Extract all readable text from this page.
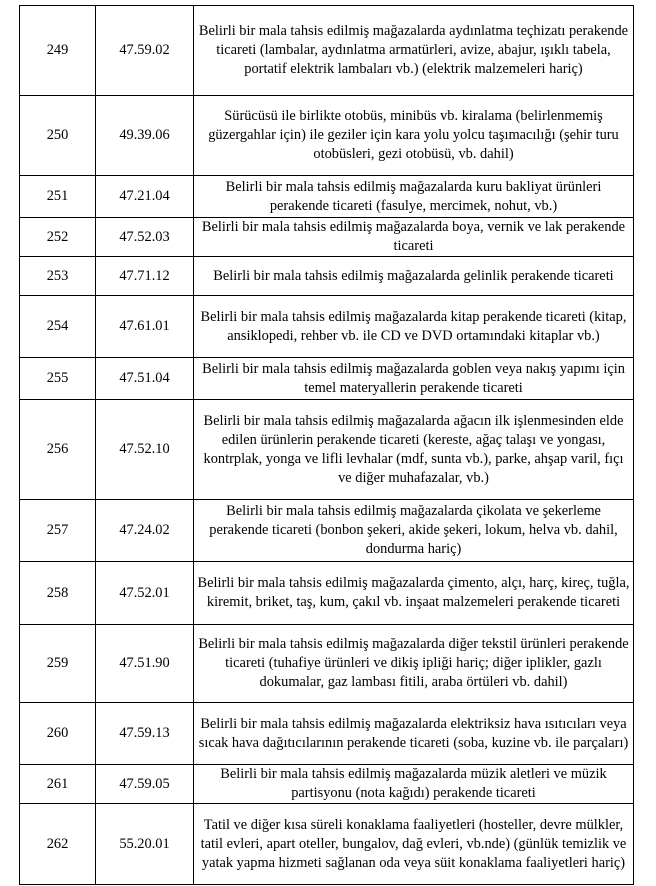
249	47.59.02	Belirli bir mala tahsis edilmiş mağazalarda aydınlatma teçhizatı perakende ticareti (lambalar, aydınlatma armatürleri, avize, abajur, ışıklı tabela, portatif elektrik lambaları vb.) (elektrik malzemeleri hariç)
250	49.39.06	Sürücüsü ile birlikte otobüs, minibüs vb. kiralama (belirlenmemiş güzergahlar için) ile geziler için kara yolu yolcu taşımacılığı (şehir turu otobüsleri, gezi otobüsü, vb. dahil)
251	47.21.04	Belirli bir mala tahsis edilmiş mağazalarda kuru bakliyat ürünleri perakende ticareti (fasulye, mercimek, nohut, vb.)
252	47.52.03	Belirli bir mala tahsis edilmiş mağazalarda boya, vernik ve lak perakende ticareti
253	47.71.12	Belirli bir mala tahsis edilmiş mağazalarda gelinlik perakende ticareti
254	47.61.01	Belirli bir mala tahsis edilmiş mağazalarda kitap perakende ticareti (kitap, ansiklopedi, rehber vb. ile CD ve DVD ortamındaki kitaplar vb.)
255	47.51.04	Belirli bir mala tahsis edilmiş mağazalarda goblen veya nakış yapımı için temel materyallerin perakende ticareti
256	47.52.10	Belirli bir mala tahsis edilmiş mağazalarda ağacın ilk işlenmesinden elde edilen ürünlerin perakende ticareti (kereste, ağaç talaşı ve yongası, kontrplak, yonga ve lifli levhalar (mdf, sunta vb.), parke, ahşap varil, fıçı ve diğer muhafazalar, vb.)
257	47.24.02	Belirli bir mala tahsis edilmiş mağazalarda çikolata ve şekerleme perakende ticareti (bonbon şekeri, akide şekeri, lokum, helva vb. dahil, dondurma hariç)
258	47.52.01	Belirli bir mala tahsis edilmiş mağazalarda çimento, alçı, harç, kireç, tuğla, kiremit, briket, taş, kum, çakıl vb. inşaat malzemeleri perakende ticareti
259	47.51.90	Belirli bir mala tahsis edilmiş mağazalarda diğer tekstil ürünleri perakende ticareti (tuhafiye ürünleri ve dikiş ipliği hariç; diğer iplikler, gazlı dokumalar, gaz lambası fitili, araba örtüleri vb. dahil)
260	47.59.13	Belirli bir mala tahsis edilmiş mağazalarda elektriksiz hava ısıtıcıları veya sıcak hava dağıtıcılarının perakende ticareti (soba, kuzine vb. ile parçaları)
261	47.59.05	Belirli bir mala tahsis edilmiş mağazalarda müzik aletleri ve müzik partisyonu (nota kağıdı) perakende ticareti
262	55.20.01	Tatil ve diğer kısa süreli konaklama faaliyetleri (hosteller, devre mülkler, tatil evleri, apart oteller, bungalov, dağ evleri, vb.nde) (günlük temizlik ve yatak yapma hizmeti sağlanan oda veya süit konaklama faaliyetleri hariç)
